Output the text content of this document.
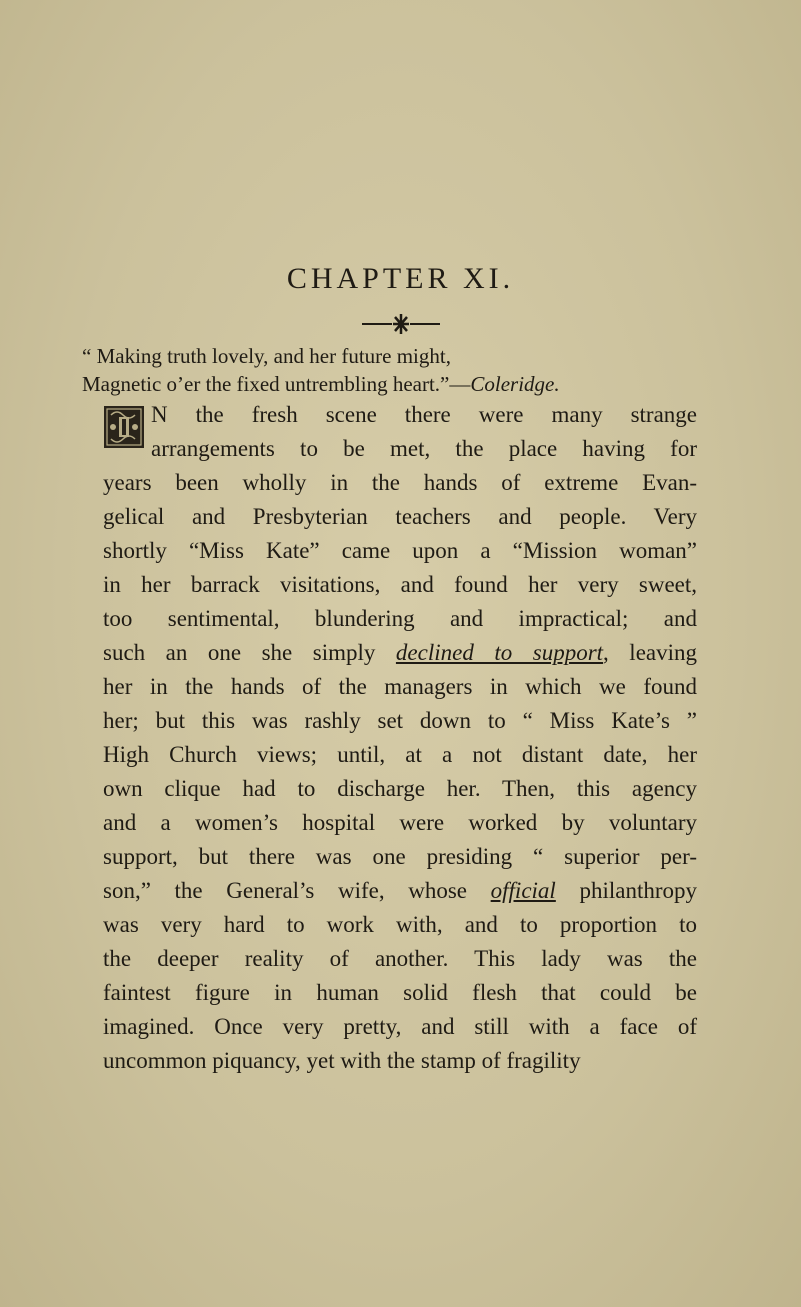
CHAPTER XI.
“ Making truth lovely, and her future might,
Magnetic o’er the fixed untrembling heart.”—Coleridge.
I
N the fresh scene there were many strange
arrangements to be met, the place having for
years been wholly in the hands of extreme Evan-
gelical and Presbyterian teachers and people. Very
shortly “Miss Kate” came upon a “Mission woman”
in her barrack visitations, and found her very sweet,
too sentimental, blundering and impractical; and
such an one she simply declined to support, leaving
her in the hands of the managers in which we found
her; but this was rashly set down to “ Miss Kate’s ”
High Church views; until, at a not distant date, her
own clique had to discharge her. Then, this agency
and a women’s hospital were worked by voluntary
support, but there was one presiding “ superior per-
son,” the General’s wife, whose official philanthropy
was very hard to work with, and to proportion to
the deeper reality of another. This lady was the
faintest figure in human solid flesh that could be
imagined. Once very pretty, and still with a face of
uncommon piquancy, yet with the stamp of fragility
